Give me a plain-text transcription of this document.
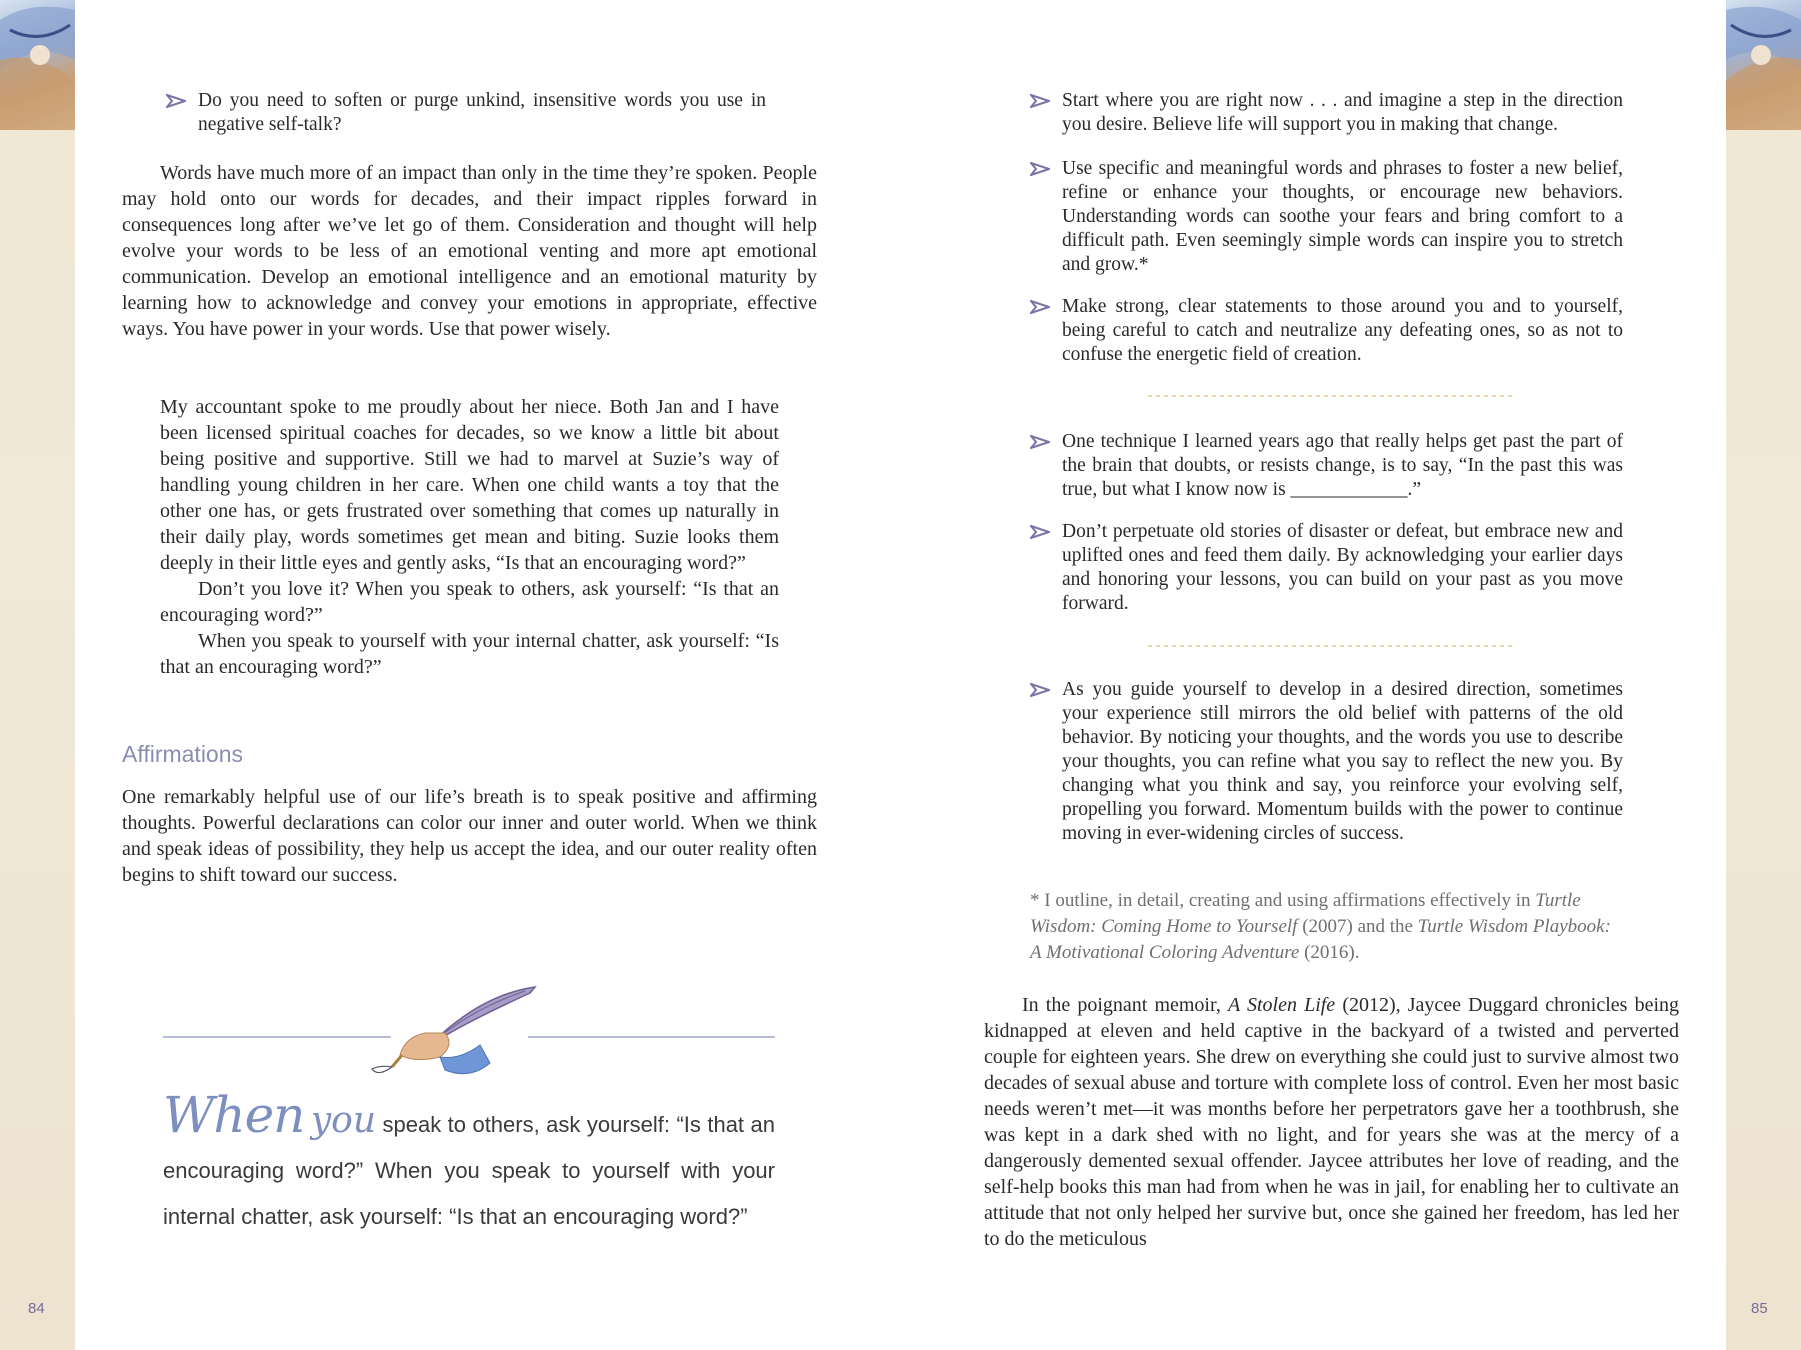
84	85
Do you need to soften or purge unkind, insensitive words you use in negative self-talk?

Words have much more of an impact than only in the time they’re spoken. People may hold onto our words for decades, and their impact ripples forward in consequences long after we’ve let go of them. Consideration and thought will help evolve your words to be less of an emotional venting and more apt emotional communication. Develop an emotional intelligence and an emotional maturity by learning how to acknowledge and convey your emotions in appropriate, effective ways. You have power in your words. Use that power wisely.

My accountant spoke to me proudly about her niece. Both Jan and I have been licensed spiritual coaches for decades, so we know a little bit about being positive and supportive. Still we had to marvel at Suzie’s way of handling young children in her care. When one child wants a toy that the other one has, or gets frustrated over something that comes up naturally in their daily play, words sometimes get mean and biting. Suzie looks them deeply in their little eyes and gently asks, “Is that an encouraging word?”

Don’t you love it? When you speak to others, ask yourself: “Is that an encouraging word?”

When you speak to yourself with your internal chatter, ask yourself: “Is that an encouraging word?”

Affirmations

One remarkably helpful use of our life’s breath is to speak positive and affirming thoughts. Powerful declarations can color our inner and outer world. When we think and speak ideas of possibility, they help us accept the idea, and our outer reality often begins to shift toward our success.

When you speak to others, ask yourself: “Is that an encouraging word?” When you speak to yourself with your internal chatter, ask yourself: “Is that an encouraging word?”
Start where you are right now . . . and imagine a step in the direction you desire. Believe life will support you in making that change.
Use specific and meaningful words and phrases to foster a new belief, refine or enhance your thoughts, or encourage new behaviors. Understanding words can soothe your fears and bring comfort to a difficult path. Even seemingly simple words can inspire you to stretch and grow.*
Make strong, clear statements to those around you and to yourself, being careful to catch and neutralize any defeating ones, so as not to confuse the energetic field of creation.
One technique I learned years ago that really helps get past the part of the brain that doubts, or resists change, is to say, “In the past this was true, but what I know now is ____________.”
Don’t perpetuate old stories of disaster or defeat, but embrace new and uplifted ones and feed them daily. By acknowledging your earlier days and honoring your lessons, you can build on your past as you move forward.
As you guide yourself to develop in a desired direction, sometimes your experience still mirrors the old belief with patterns of the old behavior. By noticing your thoughts, and the words you use to describe your thoughts, you can refine what you say to reflect the new you. By changing what you think and say, you reinforce your evolving self, propelling you forward. Momentum builds with the power to continue moving in ever-widening circles of success.
* I outline, in detail, creating and using affirmations effectively in Turtle Wisdom: Coming Home to Yourself (2007) and the Turtle Wisdom Playbook: A Motivational Coloring Adventure (2016).

In the poignant memoir, A Stolen Life (2012), Jaycee Duggard chronicles being kidnapped at eleven and held captive in the backyard of a twisted and perverted couple for eighteen years. She drew on everything she could just to survive almost two decades of sexual abuse and torture with complete loss of control. Even her most basic needs weren’t met—it was months before her perpetrators gave her a toothbrush, she was kept in a dark shed with no light, and for years she was at the mercy of a dangerously demented sexual offender. Jaycee attributes her love of reading, and the self-help books this man had from when he was in jail, for enabling her to cultivate an attitude that not only helped her survive but, once she gained her freedom, has led her to do the meticulous
